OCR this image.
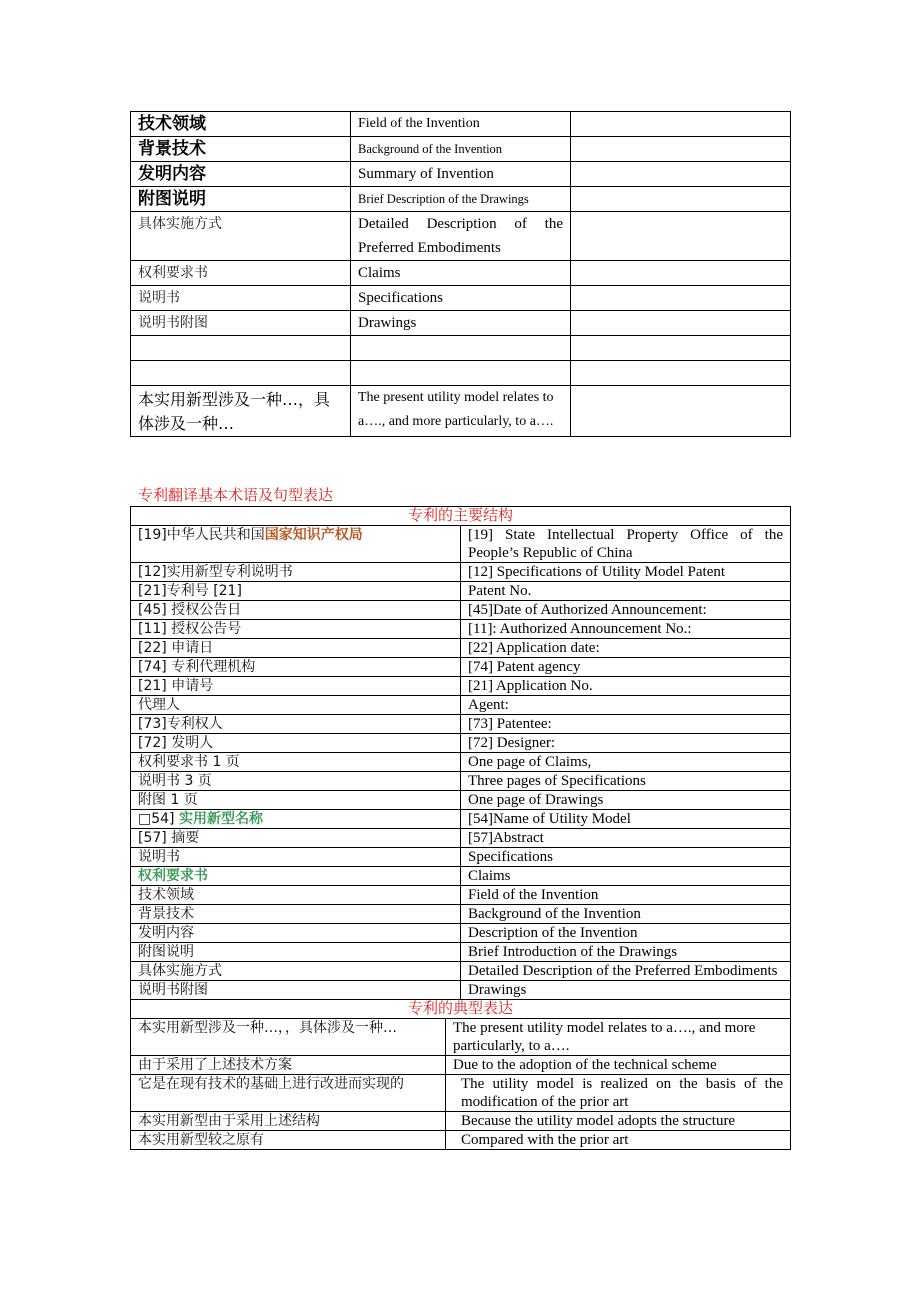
技术领域	Field of the Invention	
背景技术	Background of the Invention	
发明内容	Summary of Invention	
附图说明	Brief Description of the Drawings	
具体实施方式	Detailed Description of the Preferred Embodiments	
权利要求书	Claims	
说明书	Specifications	
说明书附图	Drawings	

本实用新型涉及一种…，具体涉及一种…	The present utility model relates to a…., and more particularly, to a….	
专利翻译基本术语及句型表达
专利的主要结构		
[19]中华人民共和国国家知识产权局		[19] State Intellectual Property Office of the People’s Republic of China
[12]实用新型专利说明书		[12] Specifications of Utility Model Patent
[21]专利号 [21]		Patent No.
[45] 授权公告日		[45]Date of Authorized Announcement:
[11] 授权公告号		[11]: Authorized Announcement No.:
[22] 申请日		[22] Application date:
[74] 专利代理机构		[74] Patent agency
[21] 申请号		[21] Application No.
代理人		Agent:
[73]专利权人		[73] Patentee:
[72] 发明人		[72] Designer:
权利要求书 1 页		One page of Claims,
说明书 3 页		Three pages of Specifications
附图 1 页		One page of Drawings
□54] 实用新型名称		[54]Name of Utility Model
[57] 摘要		[57]Abstract
说明书		Specifications
权利要求书		Claims
技术领域		Field of the Invention
背景技术		Background of the Invention
发明内容		Description of the Invention
附图说明		Brief Introduction of the Drawings
具体实施方式		Detailed Description of the Preferred Embodiments
说明书附图		Drawings
专利的典型表达		
本实用新型涉及一种…，，具体涉及一种…	The present utility model relates to a…., and more particularly, to a….	
由于采用了上述技术方案	Due to the adoption of the technical scheme	
它是在现有技术的基础上进行改进而实现的	The utility model is realized on the basis of the modification of the prior art	
本实用新型由于采用上述结构	Because the utility model adopts the structure	
本实用新型较之原有	Compared with the prior art	
